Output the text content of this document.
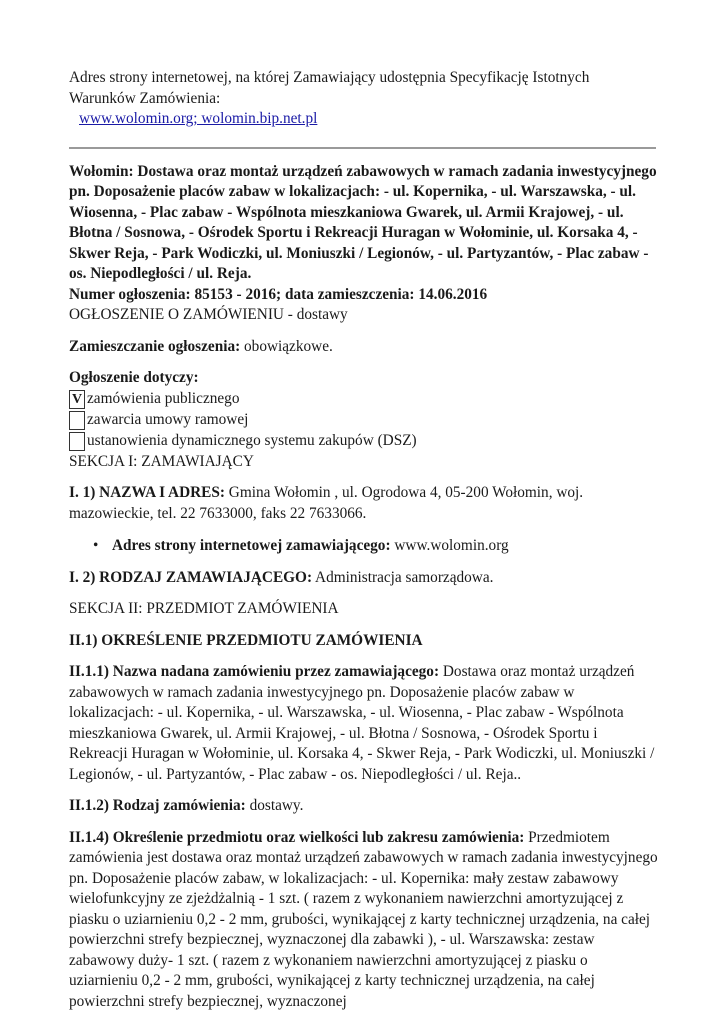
Adres strony internetowej, na której Zamawiający udostępnia Specyfikację Istotnych Warunków Zamówienia:

www.wolomin.org; wolomin.bip.net.pl

Wołomin: Dostawa oraz montaż urządzeń zabawowych w ramach zadania inwestycyjnego pn. Doposażenie placów zabaw w lokalizacjach: - ul. Kopernika, - ul. Warszawska, - ul. Wiosenna, - Plac zabaw - Wspólnota mieszkaniowa Gwarek, ul. Armii Krajowej, - ul. Błotna / Sosnowa, - Ośrodek Sportu i Rekreacji Huragan w Wołominie, ul. Korsaka 4, - Skwer Reja, - Park Wodiczki, ul. Moniuszki / Legionów, - ul. Partyzantów, - Plac zabaw - os. Niepodległości / ul. Reja.

Numer ogłoszenia: 85153 - 2016; data zamieszczenia: 14.06.2016

OGŁOSZENIE O ZAMÓWIENIU - dostawy

Zamieszczanie ogłoszenia: obowiązkowe.

Ogłoszenie dotyczy:

V zamówienia publicznego
zawarcia umowy ramowej
ustanowienia dynamicznego systemu zakupów (DSZ)

SEKCJA I: ZAMAWIAJĄCY

I. 1) NAZWA I ADRES: Gmina Wołomin , ul. Ogrodowa 4, 05-200 Wołomin, woj. mazowieckie, tel. 22 7633000, faks 22 7633066.

• Adres strony internetowej zamawiającego: www.wolomin.org

I. 2) RODZAJ ZAMAWIAJĄCEGO: Administracja samorządowa.

SEKCJA II: PRZEDMIOT ZAMÓWIENIA

II.1) OKREŚLENIE PRZEDMIOTU ZAMÓWIENIA

II.1.1) Nazwa nadana zamówieniu przez zamawiającego: Dostawa oraz montaż urządzeń zabawowych w ramach zadania inwestycyjnego pn. Doposażenie placów zabaw w lokalizacjach: - ul. Kopernika, - ul. Warszawska, - ul. Wiosenna, - Plac zabaw - Wspólnota mieszkaniowa Gwarek, ul. Armii Krajowej, - ul. Błotna / Sosnowa, - Ośrodek Sportu i Rekreacji Huragan w Wołominie, ul. Korsaka 4, - Skwer Reja, - Park Wodiczki, ul. Moniuszki / Legionów, - ul. Partyzantów, - Plac zabaw - os. Niepodległości / ul. Reja..

II.1.2) Rodzaj zamówienia: dostawy.

II.1.4) Określenie przedmiotu oraz wielkości lub zakresu zamówienia: Przedmiotem zamówienia jest dostawa oraz montaż urządzeń zabawowych w ramach zadania inwestycyjnego pn. Doposażenie placów zabaw, w lokalizacjach: - ul. Kopernika: mały zestaw zabawowy wielofunkcyjny ze zjeżdżalnią - 1 szt. ( razem z wykonaniem nawierzchni amortyzującej z piasku o uziarnieniu 0,2 - 2 mm, grubości, wynikającej z karty technicznej urządzenia, na całej powierzchni strefy bezpiecznej, wyznaczonej dla zabawki ), - ul. Warszawska: zestaw zabawowy duży- 1 szt. ( razem z wykonaniem nawierzchni amortyzującej z piasku o uziarnieniu 0,2 - 2 mm, grubości, wynikającej z karty technicznej urządzenia, na całej powierzchni strefy bezpiecznej, wyznaczonej
